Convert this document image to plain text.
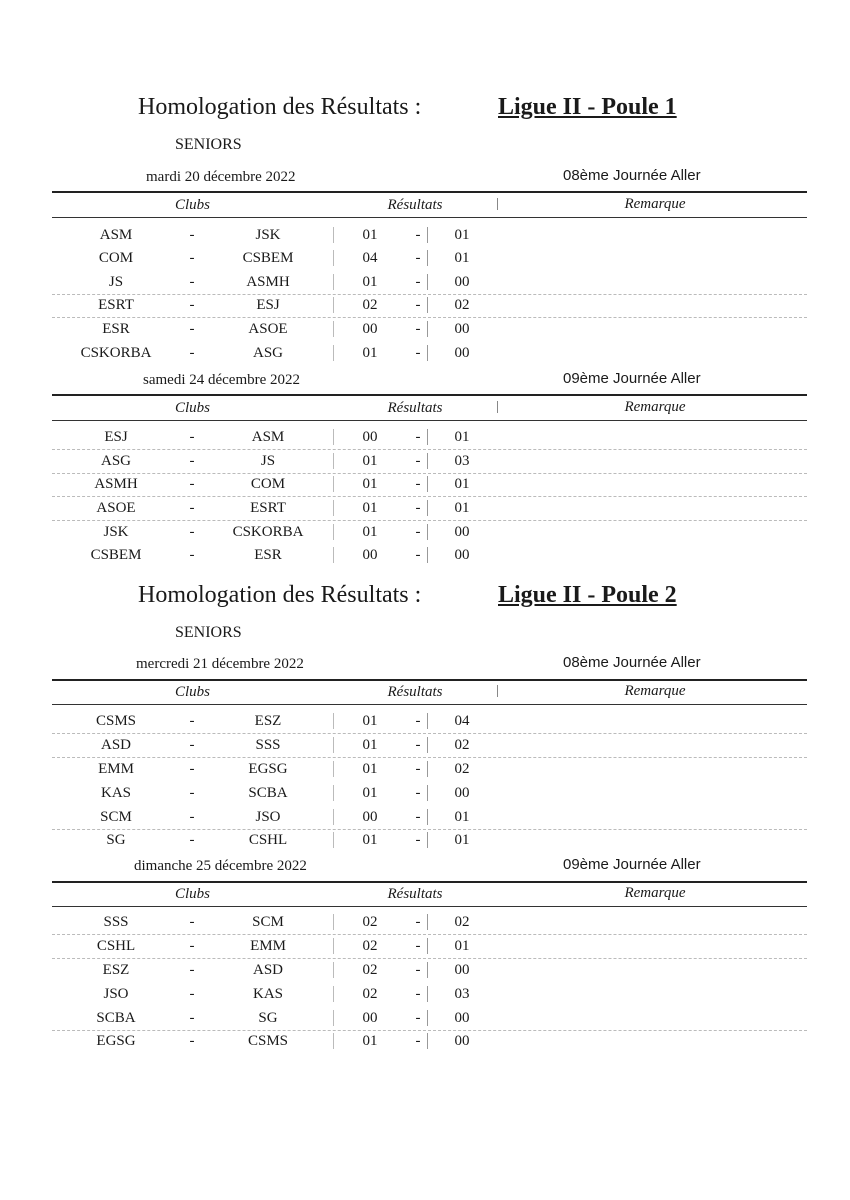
Homologation des Résultats :	Ligue II - Poule 1
SENIORS
mardi 20 décembre 2022	08ème Journée Aller
Clubs	Résultats	Remarque
ASM	-	JSK	01	-	01
COM	-	CSBEM	04	-	01
JS	-	ASMH	01	-	00
ESRT	-	ESJ	02	-	02
ESR	-	ASOE	00	-	00
CSKORBA	-	ASG	01	-	00
samedi 24 décembre 2022	09ème Journée Aller
Clubs	Résultats	Remarque
ESJ	-	ASM	00	-	01
ASG	-	JS	01	-	03
ASMH	-	COM	01	-	01
ASOE	-	ESRT	01	-	01
JSK	-	CSKORBA	01	-	00
CSBEM	-	ESR	00	-	00
Homologation des Résultats :	Ligue II - Poule 2
SENIORS
mercredi 21 décembre 2022	08ème Journée Aller
Clubs	Résultats	Remarque
CSMS	-	ESZ	01	-	04
ASD	-	SSS	01	-	02
EMM	-	EGSG	01	-	02
KAS	-	SCBA	01	-	00
SCM	-	JSO	00	-	01
SG	-	CSHL	01	-	01
dimanche 25 décembre 2022	09ème Journée Aller
Clubs	Résultats	Remarque
SSS	-	SCM	02	-	02
CSHL	-	EMM	02	-	01
ESZ	-	ASD	02	-	00
JSO	-	KAS	02	-	03
SCBA	-	SG	00	-	00
EGSG	-	CSMS	01	-	00
